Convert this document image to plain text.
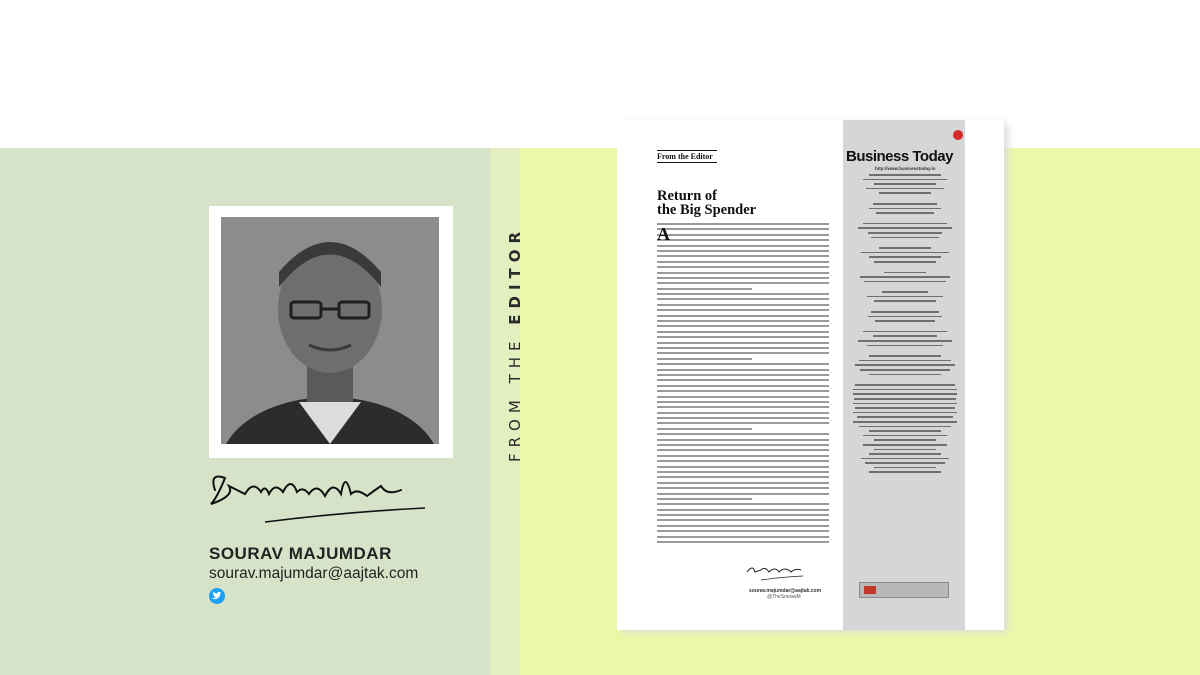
FROM THE EDITOR
SOURAV MAJUMDAR
sourav.majumdar@aajtak.com
From the Editor
Return of
the Big Spender
A
sourav.majumdar@aajtak.com
@TheSouravM
Business Today
http://www.businesstoday.in
